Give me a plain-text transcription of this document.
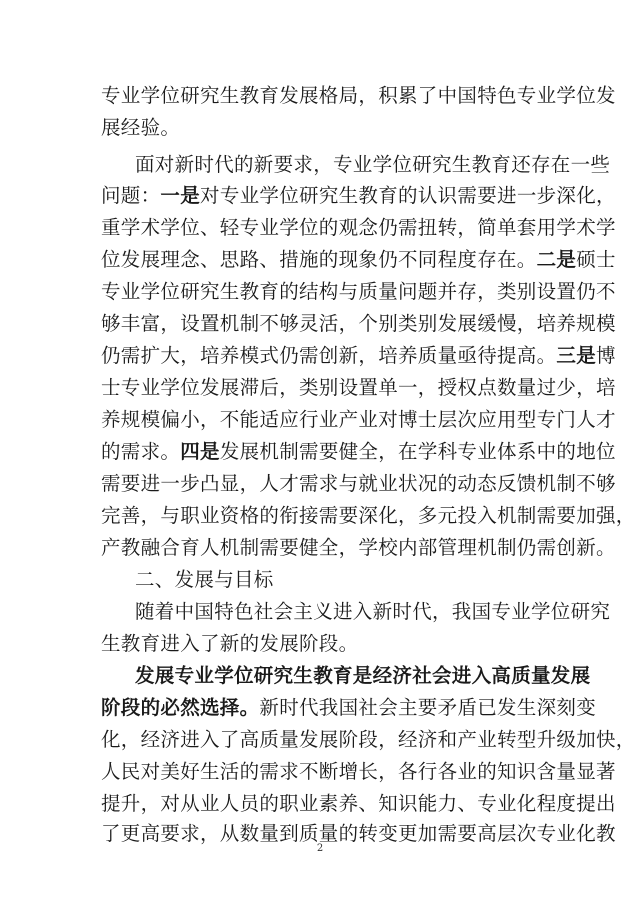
专业学位研究生教育发展格局，积累了中国特色专业学位发
展经验。
面对新时代的新要求，专业学位研究生教育还存在一些
问题：一是对专业学位研究生教育的认识需要进一步深化，
重学术学位、轻专业学位的观念仍需扭转，简单套用学术学
位发展理念、思路、措施的现象仍不同程度存在。二是硕士
专业学位研究生教育的结构与质量问题并存，类别设置仍不
够丰富，设置机制不够灵活，个别类别发展缓慢，培养规模
仍需扩大，培养模式仍需创新，培养质量亟待提高。三是博
士专业学位发展滞后，类别设置单一，授权点数量过少，培
养规模偏小，不能适应行业产业对博士层次应用型专门人才
的需求。四是发展机制需要健全，在学科专业体系中的地位
需要进一步凸显，人才需求与就业状况的动态反馈机制不够
完善，与职业资格的衔接需要深化，多元投入机制需要加强，
产教融合育人机制需要健全，学校内部管理机制仍需创新。
二、发展与目标
随着中国特色社会主义进入新时代，我国专业学位研究
生教育进入了新的发展阶段。
发展专业学位研究生教育是经济社会进入高质量发展
阶段的必然选择。新时代我国社会主要矛盾已发生深刻变
化，经济进入了高质量发展阶段，经济和产业转型升级加快，
人民对美好生活的需求不断增长，各行各业的知识含量显著
提升，对从业人员的职业素养、知识能力、专业化程度提出
了更高要求，从数量到质量的转变更加需要高层次专业化教
2
